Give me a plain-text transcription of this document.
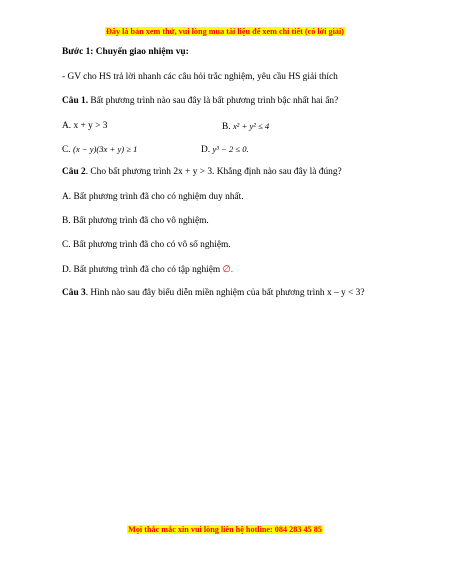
Đây là bản xem thử, vui lòng mua tài liệu để xem chi tiết (có lời giải)
Bước 1: Chuyển giao nhiệm vụ:
- GV cho HS trả lời nhanh các câu hỏi trắc nghiệm, yêu cầu HS giải thích
Câu 1. Bất phương trình nào sau đây là bất phương trình bậc nhất hai ẩn?
A. x + y > 3	B. x² + y² ≤ 4
C. (x − y)(3x + y) ≥ 1	D. y³ − 2 ≤ 0.
Câu 2. Cho bất phương trình 2x + y > 3. Khẳng định nào sau đây là đúng?
A. Bất phương trình đã cho có nghiệm duy nhất.
B. Bất phương trình đã cho vô nghiệm.
C. Bất phương trình đã cho có vô số nghiệm.
D. Bất phương trình đã cho có tập nghiệm ∅.
Câu 3. Hình nào sau đây biểu diễn miền nghiệm của bất phương trình x – y < 3?
Mọi thắc mắc xin vui lòng liên hệ hotline: 084 283 45 85
